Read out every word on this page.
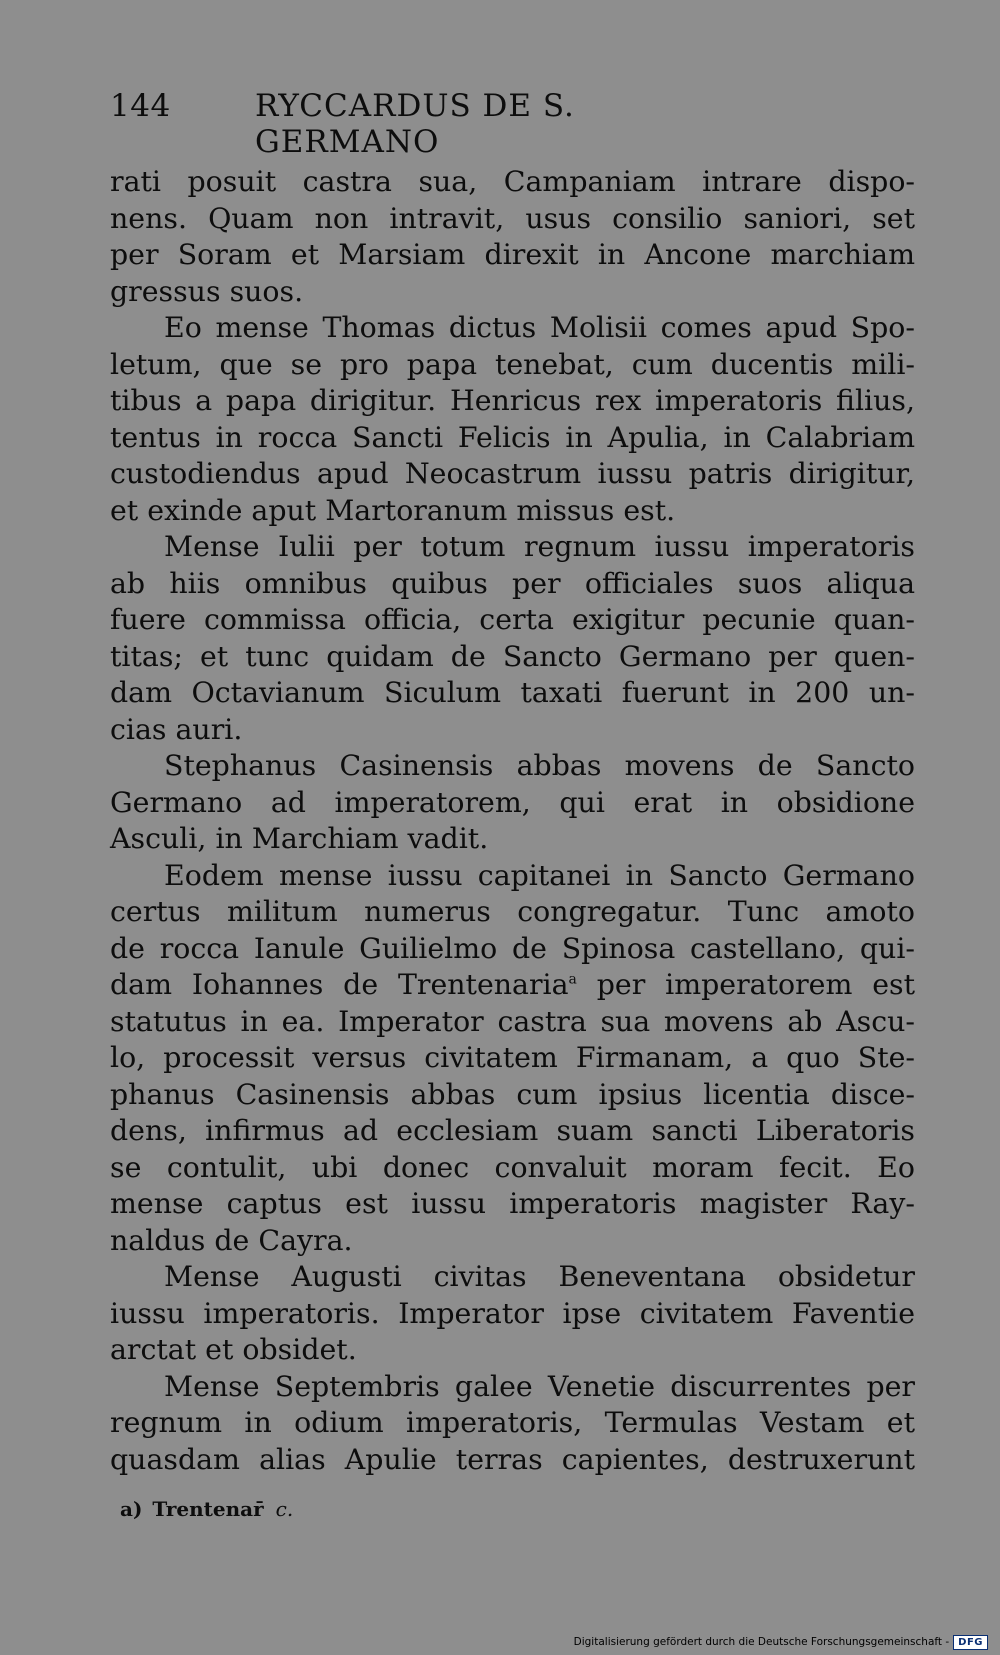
144	RYCCARDUS DE S. GERMANO

rati posuit castra sua, Campaniam intrare dispo-
nens. Quam non intravit, usus consilio saniori, set
per Soram et Marsiam direxit in Ancone marchiam
gressus suos.

Eo mense Thomas dictus Molisii comes apud Spo-
letum, que se pro papa tenebat, cum ducentis mili-
tibus a papa dirigitur. Henricus rex imperatoris filius,
tentus in rocca Sancti Felicis in Apulia, in Calabriam
custodiendus apud Neocastrum iussu patris dirigitur,
et exinde aput Martoranum missus est.

Mense Iulii per totum regnum iussu imperatoris
ab hiis omnibus quibus per officiales suos aliqua
fuere commissa officia, certa exigitur pecunie quan-
titas; et tunc quidam de Sancto Germano per quen-
dam Octavianum Siculum taxati fuerunt in 200 un-
cias auri.

Stephanus Casinensis abbas movens de Sancto
Germano ad imperatorem, qui erat in obsidione
Asculi, in Marchiam vadit.

Eodem mense iussu capitanei in Sancto Germano
certus militum numerus congregatur. Tunc amoto
de rocca Ianule Guilielmo de Spinosa castellano, qui-
dam Iohannes de Trentenaria$^a$ per imperatorem est
statutus in ea. Imperator castra sua movens ab Ascu-
lo, processit versus civitatem Firmanam, a quo Ste-
phanus Casinensis abbas cum ipsius licentia disce-
dens, infirmus ad ecclesiam suam sancti Liberatoris
se contulit, ubi donec convaluit moram fecit. Eo
mense captus est iussu imperatoris magister Ray-
naldus de Cayra.

Mense Augusti civitas Beneventana obsidetur
iussu imperatoris. Imperator ipse civitatem Faventie
arctat et obsidet.

Mense Septembris galee Venetie discurrentes per
regnum in odium imperatoris, Termulas Vestam et
quasdam alias Apulie terras capientes, destruxerunt

a) Trentenar̄ c.
Digitalisierung gefördert durch die Deutsche Forschungsgemeinschaft - DFG
